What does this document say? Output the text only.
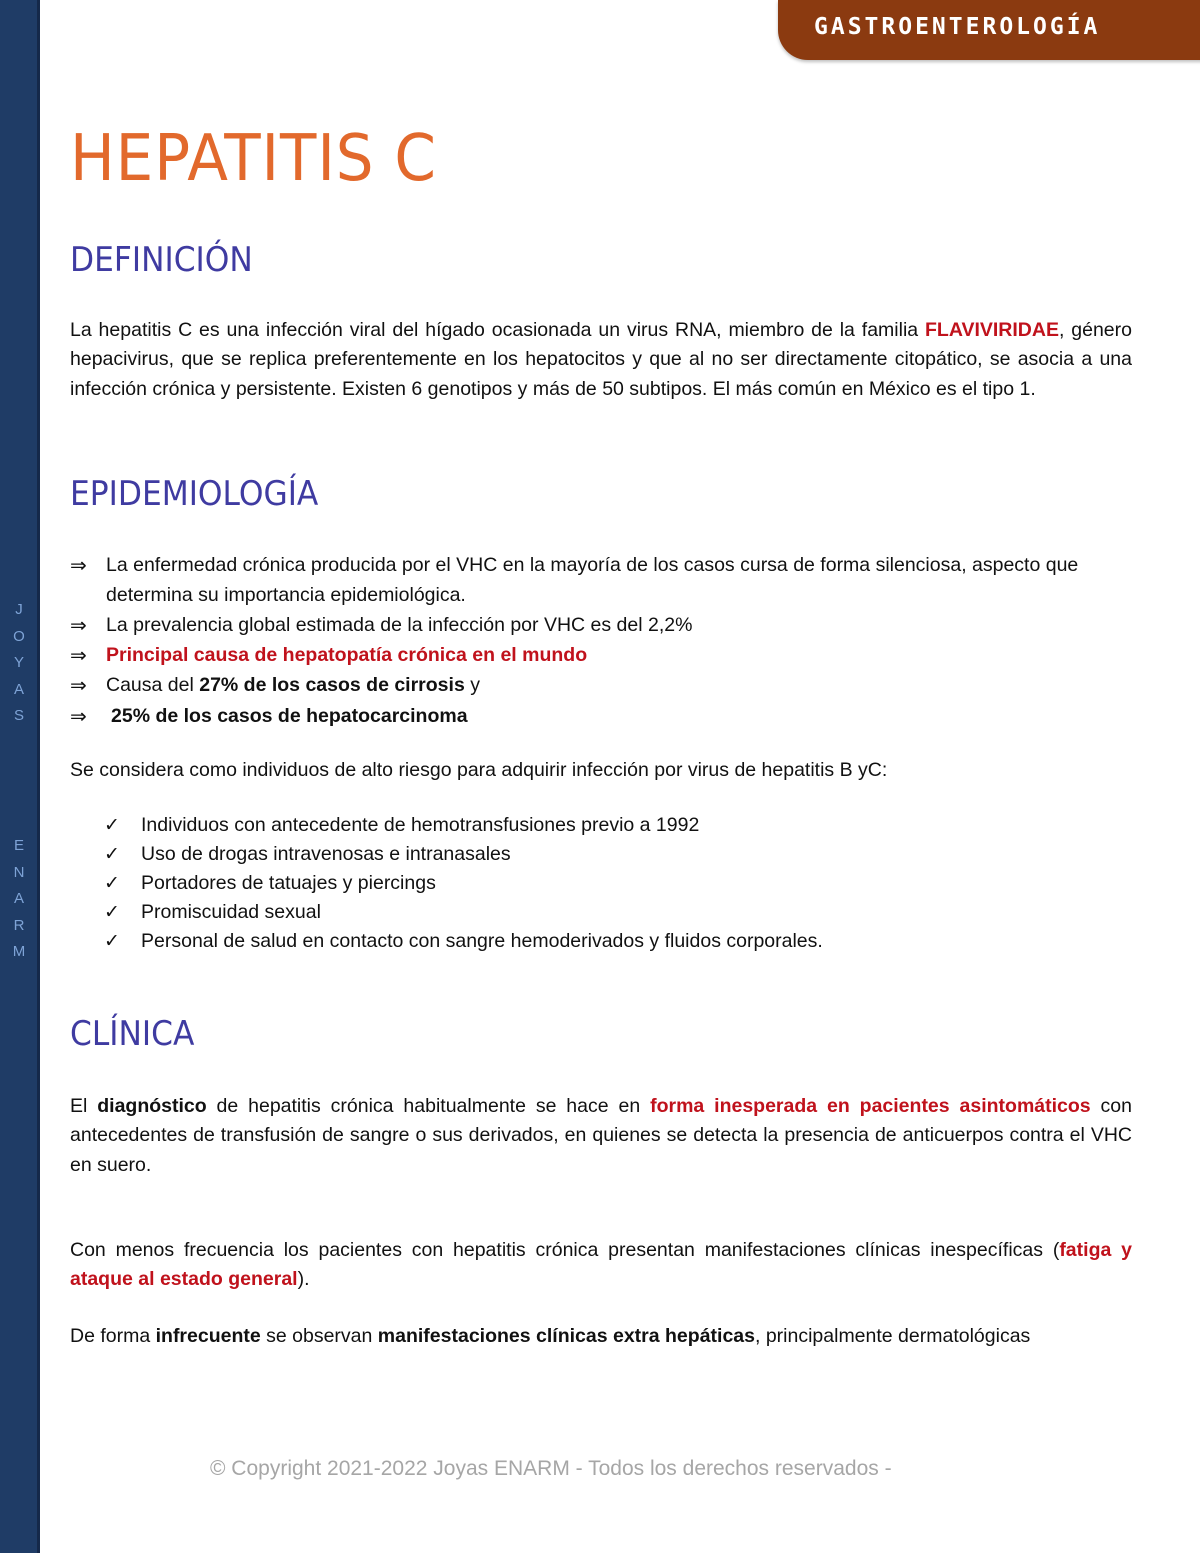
J
O
Y
A
S
E
N
A
R
M
GASTROENTEROLOGÍA
HEPATITIS C
DEFINICIÓN

La hepatitis C es una infección viral del hígado ocasionada un virus RNA, miembro de la familia FLAVIVIRIDAE, género hepacivirus, que se replica preferentemente en los hepatocitos y que al no ser directamente citopático, se asocia a una infección crónica y persistente. Existen 6 genotipos y más de 50 subtipos. El más común en México es el tipo 1.

EPIDEMIOLOGÍA
⇒ La enfermedad crónica producida por el VHC en la mayoría de los casos cursa de forma silenciosa, aspecto que determina su importancia epidemiológica.
⇒ La prevalencia global estimada de la infección por VHC es del 2,2%
⇒ Principal causa de hepatopatía crónica en el mundo
⇒ Causa del 27% de los casos de cirrosis y
⇒ 25% de los casos de hepatocarcinoma

Se considera como individuos de alto riesgo para adquirir infección por virus de hepatitis B yC:

✓ Individuos con antecedente de hemotransfusiones previo a 1992
✓ Uso de drogas intravenosas e intranasales
✓ Portadores de tatuajes y piercings
✓ Promiscuidad sexual
✓ Personal de salud en contacto con sangre hemoderivados y fluidos corporales.
CLÍNICA

El diagnóstico de hepatitis crónica habitualmente se hace en forma inesperada en pacientes asintomáticos con antecedentes de transfusión de sangre o sus derivados, en quienes se detecta la presencia de anticuerpos contra el VHC en suero.

Con menos frecuencia los pacientes con hepatitis crónica presentan manifestaciones clínicas inespecíficas (fatiga y ataque al estado general).

De forma infrecuente se observan manifestaciones clínicas extra hepáticas, principalmente dermatológicas

© Copyright 2021-2022 Joyas ENARM - Todos los derechos reservados -
